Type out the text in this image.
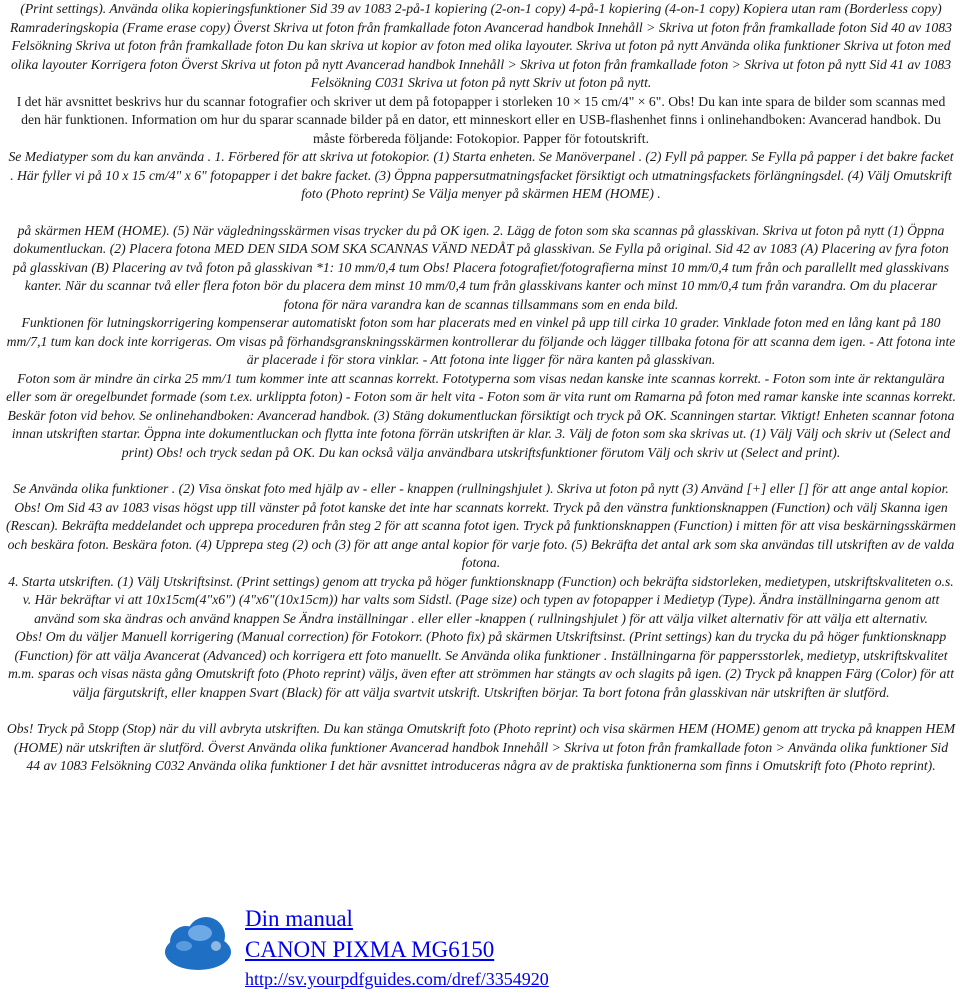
(Print settings). Använda olika kopieringsfunktioner Sid 39 av 1083 2-på-1 kopiering (2-on-1 copy) 4-på-1 kopiering (4-on-1 copy) Kopiera utan ram (Borderless copy) Ramraderingskopia (Frame erase copy) Överst Skriva ut foton från framkallade foton Avancerad handbok Innehåll > Skriva ut foton från framkallade foton Sid 40 av 1083 Felsökning Skriva ut foton från framkallade foton Du kan skriva ut kopior av foton med olika layouter. Skriva ut foton på nytt Använda olika funktioner Skriva ut foton med olika layouter Korrigera foton Överst Skriva ut foton på nytt Avancerad handbok Innehåll > Skriva ut foton från framkallade foton > Skriva ut foton på nytt Sid 41 av 1083 Felsökning C031 Skriva ut foton på nytt Skriv ut foton på nytt.

I det här avsnittet beskrivs hur du scannar fotografier och skriver ut dem på fotopapper i storleken 10 × 15 cm/4" × 6". Obs! Du kan inte spara de bilder som scannas med den här funktionen. Information om hur du sparar scannade bilder på en dator, ett minneskort eller en USB-flashenhet finns i onlinehandboken: Avancerad handbok. Du måste förbereda följande: Fotokopior. Papper för fotoutskrift.

Se Mediatyper som du kan använda . 1. Förbered för att skriva ut fotokopior. (1) Starta enheten. Se Manöverpanel . (2) Fyll på papper. Se Fylla på papper i det bakre facket . Här fyller vi på 10 x 15 cm/4" x 6" fotopapper i det bakre facket. (3) Öppna pappersutmatningsfacket försiktigt och utmatningsfackets förlängningsdel. (4) Välj Omutskrift foto (Photo reprint) Se Välja menyer på skärmen HEM (HOME) .

på skärmen HEM (HOME). (5) När vägledningsskärmen visas trycker du på OK igen. 2. Lägg de foton som ska scannas på glasskivan. Skriva ut foton på nytt (1) Öppna dokumentluckan. (2) Placera fotona MED DEN SIDA SOM SKA SCANNAS VÄND NEDÅT på glasskivan. Se Fylla på original. Sid 42 av 1083 (A) Placering av fyra foton på glasskivan (B) Placering av två foton på glasskivan *1: 10 mm/0,4 tum Obs! Placera fotografiet/fotografierna minst 10 mm/0,4 tum från och parallellt med glasskivans kanter. När du scannar två eller flera foton bör du placera dem minst 10 mm/0,4 tum från glasskivans kanter och minst 10 mm/0,4 tum från varandra. Om du placerar fotona för nära varandra kan de scannas tillsammans som en enda bild.

Funktionen för lutningskorrigering kompenserar automatiskt foton som har placerats med en vinkel på upp till cirka 10 grader. Vinklade foton med en lång kant på 180 mm/7,1 tum kan dock inte korrigeras. Om visas på förhandsgranskningsskärmen kontrollerar du följande och lägger tillbaka fotona för att scanna dem igen. - Att fotona inte är placerade i för stora vinklar. - Att fotona inte ligger för nära kanten på glasskivan.

Foton som är mindre än cirka 25 mm/1 tum kommer inte att scannas korrekt. Fototyperna som visas nedan kanske inte scannas korrekt. - Foton som inte är rektangulära eller som är oregelbundet formade (som t.ex. urklippta foton) - Foton som är helt vita - Foton som är vita runt om Ramarna på foton med ramar kanske inte scannas korrekt.

Beskär foton vid behov. Se onlinehandboken: Avancerad handbok. (3) Stäng dokumentluckan försiktigt och tryck på OK. Scanningen startar. Viktigt! Enheten scannar fotona innan utskriften startar. Öppna inte dokumentluckan och flytta inte fotona förrän utskriften är klar. 3. Välj de foton som ska skrivas ut. (1) Välj Välj och skriv ut (Select and print) Obs! och tryck sedan på OK. Du kan också välja användbara utskriftsfunktioner förutom Välj och skriv ut (Select and print).

Se Använda olika funktioner . (2) Visa önskat foto med hjälp av - eller - knappen (rullningshjulet ). Skriva ut foton på nytt (3) Använd [+] eller [] för att ange antal kopior. Obs! Om Sid 43 av 1083 visas högst upp till vänster på fotot kanske det inte har scannats korrekt. Tryck på den vänstra funktionsknappen (Function) och välj Skanna igen (Rescan). Bekräfta meddelandet och upprepa proceduren från steg 2 för att scanna fotot igen. Tryck på funktionsknappen (Function) i mitten för att visa beskärningsskärmen och beskära foton. Beskära foton. (4) Upprepa steg (2) och (3) för att ange antal kopior för varje foto. (5) Bekräfta det antal ark som ska användas till utskriften av de valda fotona.

4. Starta utskriften. (1) Välj Utskriftsinst. (Print settings) genom att trycka på höger funktionsknapp (Function) och bekräfta sidstorleken, medietypen, utskriftskvaliteten o.s.

v. Här bekräftar vi att 10x15cm(4"x6") (4"x6"(10x15cm)) har valts som Sidstl. (Page size) och typen av fotopapper i Medietyp (Type). Ändra inställningarna genom att använd som ska ändras och använd knappen Se Ändra inställningar . eller eller -knappen ( rullningshjulet ) för att välja vilket alternativ för att välja ett alternativ.

Obs! Om du väljer Manuell korrigering (Manual correction) för Fotokorr. (Photo fix) på skärmen Utskriftsinst. (Print settings) kan du trycka du på höger funktionsknapp (Function) för att välja Avancerat (Advanced) och korrigera ett foto manuellt. Se Använda olika funktioner . Inställningarna för pappersstorlek, medietyp, utskriftskvalitet m.m. sparas och visas nästa gång Omutskrift foto (Photo reprint) väljs, även efter att strömmen har stängts av och slagits på igen. (2) Tryck på knappen Färg (Color) för att välja färgutskrift, eller knappen Svart (Black) för att välja svartvit utskrift. Utskriften börjar. Ta bort fotona från glasskivan när utskriften är slutförd.

Obs! Tryck på Stopp (Stop) när du vill avbryta utskriften. Du kan stänga Omutskrift foto (Photo reprint) och visa skärmen HEM (HOME) genom att trycka på knappen HEM (HOME) när utskriften är slutförd. Överst Använda olika funktioner Avancerad handbok Innehåll > Skriva ut foton från framkallade foton > Använda olika funktioner Sid 44 av 1083 Felsökning C032 Använda olika funktioner I det här avsnittet introduceras några av de praktiska funktionerna som finns i Omutskrift foto (Photo reprint).

Din manual
CANON PIXMA MG6150
http://sv.yourpdfguides.com/dref/3354920
